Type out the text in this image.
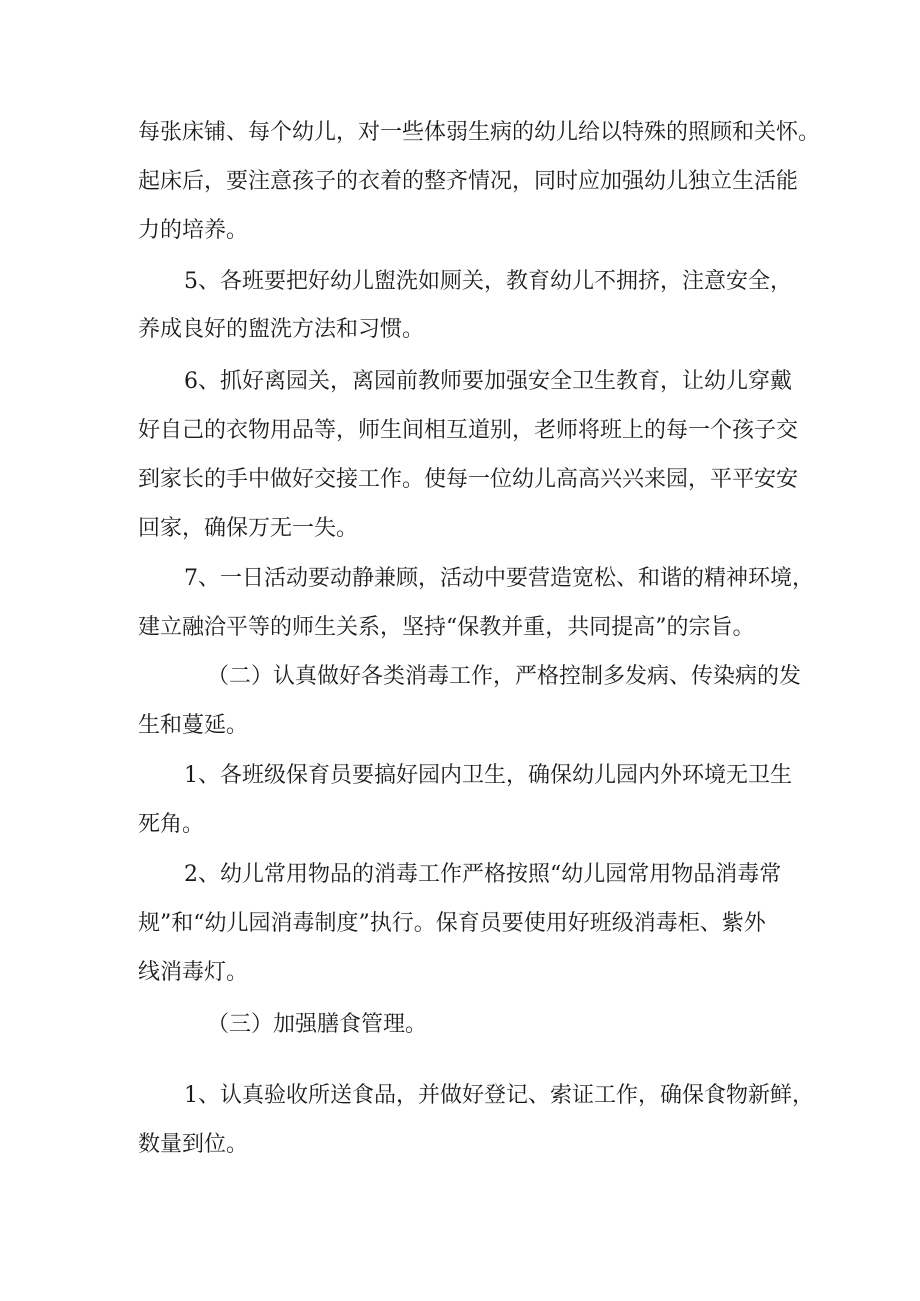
每张床铺、每个幼儿，对一些体弱生病的幼儿给以特殊的照顾和关怀。
起床后，要注意孩子的衣着的整齐情况，同时应加强幼儿独立生活能
力的培养。
5、各班要把好幼儿盥洗如厕关，教育幼儿不拥挤，注意安全，
养成良好的盥洗方法和习惯。
6、抓好离园关，离园前教师要加强安全卫生教育，让幼儿穿戴
好自己的衣物用品等，师生间相互道别，老师将班上的每一个孩子交
到家长的手中做好交接工作。使每一位幼儿高高兴兴来园，平平安安
回家，确保万无一失。
7、一日活动要动静兼顾，活动中要营造宽松、和谐的精神环境，
建立融洽平等的师生关系，坚持“保教并重，共同提高”的宗旨。
（二）认真做好各类消毒工作，严格控制多发病、传染病的发
生和蔓延。
1、各班级保育员要搞好园内卫生，确保幼儿园内外环境无卫生
死角。
2、幼儿常用物品的消毒工作严格按照“幼儿园常用物品消毒常
规”和“幼儿园消毒制度”执行。保育员要使用好班级消毒柜、紫外
线消毒灯。
（三）加强膳食管理。
1、认真验收所送食品，并做好登记、索证工作，确保食物新鲜，
数量到位。
